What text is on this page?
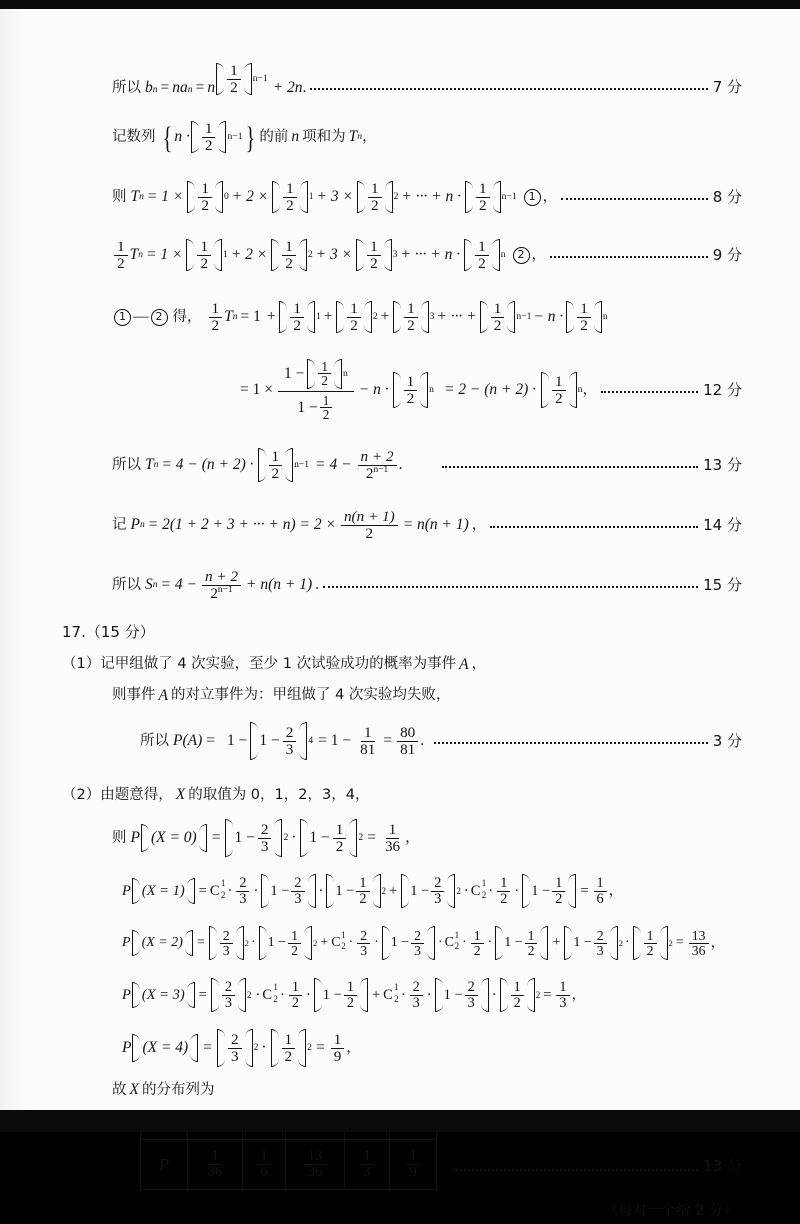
所以 b n = na n = n $\frac{1}{2} n-1 + 2$ n .	7 分
记数列 { $n \cdot \frac{1}{2} n-1$ } 的前 n 项和为 T n ，
则 T $n = 1 \times \frac{1}{2} 0 + 2 \times \frac{1}{2} 1 + 3 \times \frac{1}{2} 2$ + ··· + $n \cdot \frac{1}{2} n-1$	1 ，	8 分
$\frac{1}{2}$ T $n = 1 \times \frac{1}{2} 1 + 2 \times \frac{1}{2} 2 + 3 \times \frac{1}{2} 3$ + ··· + $n \cdot \frac{1}{2}$ n	2 ，	9 分
1 — 2 得， $\frac{1}{2}$ T $n = 1 + \frac{1}{2} 1 + \frac{1}{2} 2 + \frac{1}{2} 3$ + ··· + $\frac{1}{2} n-1 - n \cdot \frac{1}{2}$ n
= $1 \times \frac{1 - \frac{1}{2} n}{1 - \frac{1}{2}} - n \cdot \frac{1}{2}$ $n = 2 - (n + 2) \cdot \frac{1}{2}$ n ，	12 分
所以 T $n = 4 - (n + 2) \cdot \frac{1}{2} n-1 = 4 - \frac{n + 2}{2^{n-1}}$ .	13 分
记 P n = 2(1 + 2 + 3 + ··· + $n) = 2 \times \frac{n(n + 1)}{2} = n(n + 1)$ ，	14 分
所以 S $n = 4 - \frac{n + 2}{2^{n-1}} + n(n + 1)$ .	15 分
17.（15 分）
（1） 记甲组做了 4 次实验，至少 1 次试验成功的概率为事件 A ，
则事件 A 的对立事件为：甲组做了 4 次实验均失败，
所以 P $(A) = 1 - 1 - \frac{2}{3} 4 = 1 - \frac{1}{81} = \frac{80}{81}$ .	3 分
（2） 由题意得， X 的取值为 0，1，2，3，4，
则 P $(X = 0) = 1 - \frac{2}{3} 2 \cdot 1 - \frac{1}{2} 2 = \frac{1}{36}$ ，
P (X = 1) = C 1
$2 \cdot \frac{2}{3} \cdot 1 - \frac{2}{3} \cdot 1 - \frac{1}{2} 2 + 1 - \frac{2}{3} 2 \cdot C$ 1
$2 \cdot \frac{1}{2} \cdot 1 - \frac{1}{2} = \frac{1}{6}$ ，
P $(X = 2) = \frac{2}{3} 2 \cdot 1 - \frac{1}{2} 2 + C$ 1
$2 \cdot \frac{2}{3} \cdot 1 - \frac{2}{3} \cdot C$ 1
$2 \cdot \frac{1}{2} \cdot 1 - \frac{1}{2} + 1 - \frac{2}{3} 2 \cdot \frac{1}{2} 2 = \frac{13}{36}$ ，
P $(X = 3) = \frac{2}{3} 2 \cdot C$ 1
$2 \cdot \frac{1}{2} \cdot 1 - \frac{1}{2} + C$ 1
$2 \cdot \frac{2}{3} \cdot 1 - \frac{2}{3} \cdot \frac{1}{2} 2 = \frac{1}{3}$ ，
P $(X = 4) = \frac{2}{3} 2 \cdot \frac{1}{2} 2 = \frac{1}{9}$ ，
故 X 的分布列为

P	$\frac{1}{36}$	$\frac{1}{6}$	$\frac{13}{36}$	$\frac{1}{3}$	$\frac{1}{9}$	13 分
（每对一个给 2 分）
